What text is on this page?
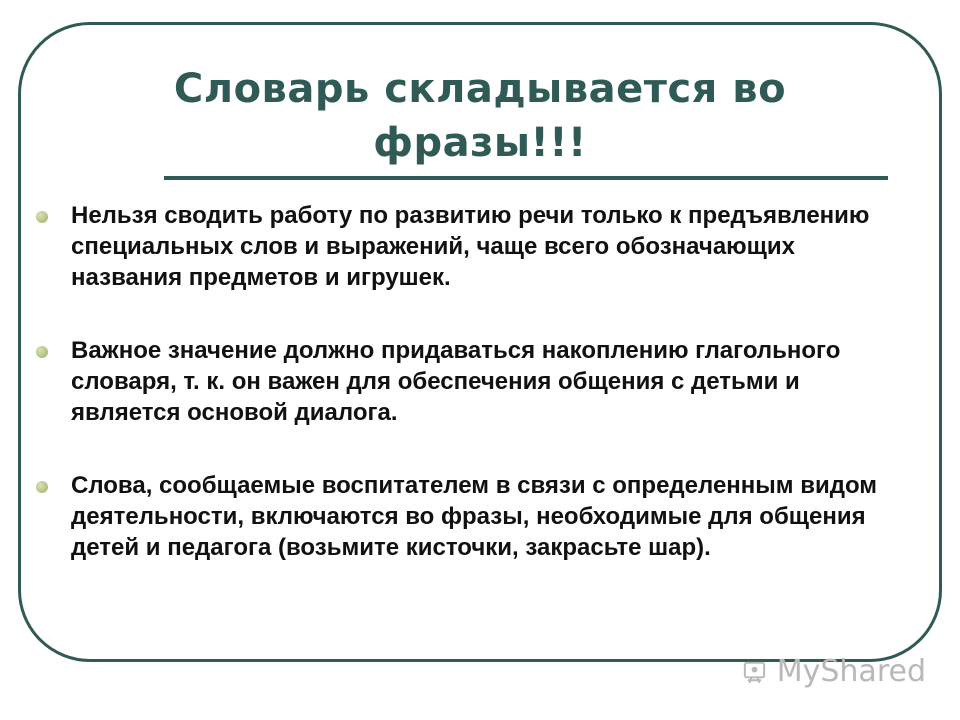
Словарь складывается во фразы!!!
Нельзя сводить работу по развитию речи только к предъявлению специальных слов и выражений, чаще всего обозначающих названия предметов и игрушек.
Важное значение должно придаваться накоплению глагольного словаря, т. к. он важен для обеспечения общения с детьми и является основой диалога.
Слова, сообщаемые воспитателем в связи с определенным видом деятельности, включаются во фразы, необходимые для общения детей и педагога (возьмите кисточки, закрасьте шар).
MyShared
